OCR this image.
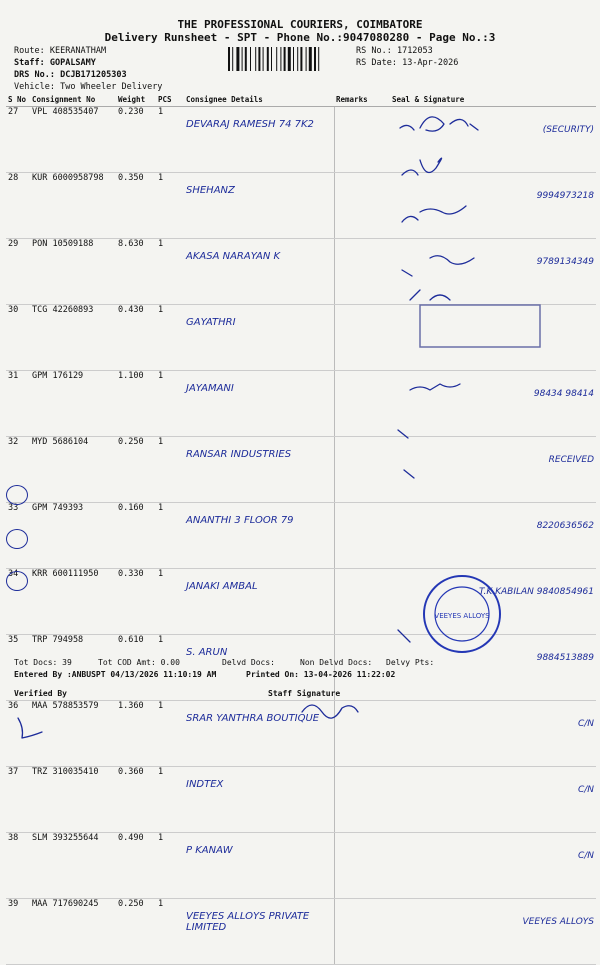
THE PROFESSIONAL COURIERS, COIMBATORE
Delivery Runsheet - SPT - Phone No.:9047080280 - Page No.:3
Route: KEERANATHAM
Staff: GOPALSAMY
DRS No.: DCJB171205303
Vehicle: Two Wheeler Delivery
RS No.: 1712053
RS Date: 13-Apr-2026
S No	Consignment No	Weight	PCS	Consignee Details	Remarks	Seal & Signature
27	VPL 408535407	0.230	1	DEVARAJ RAMESH 74 7K2		(SECURITY)
28	KUR 6000958798	0.350	1	SHEHANZ		9994973218
29	PON 10509188	8.630	1	AKASA NARAYAN K		9789134349
30	TCG 42260893	0.430	1	GAYATHRI		
31	GPM 176129	1.100	1	JAYAMANI		98434 98414
32	MYD 5686104	0.250	1	RANSAR INDUSTRIES		RECEIVED
33	GPM 749393	0.160	1	ANANTHI 3 FLOOR 79		8220636562
34	KRR 600111950	0.330	1	JANAKI AMBAL		T.K.KABILAN 9840854961
35	TRP 794958	0.610	1	S. ARUN		9884513889
36	MAA 578853579	1.360	1	SRAR YANTHRA BOUTIQUE		C/N
37	TRZ 310035410	0.360	1	INDTEX		C/N
38	SLM 393255644	0.490	1	P KANAW		C/N
39	MAA 717690245	0.250	1	VEEYES ALLOYS PRIVATE LIMITED		VEEYES ALLOYS
VEEYES ALLOYS
Tot Docs: 39	Tot COD Amt: 0.00	Delvd Docs:	Non Delvd Docs: Delvy Pts:
Entered By :ANBUSPT 04/13/2026 11:10:19 AM	Printed On: 13-04-2026 11:22:02
Verified By	Staff Signature
